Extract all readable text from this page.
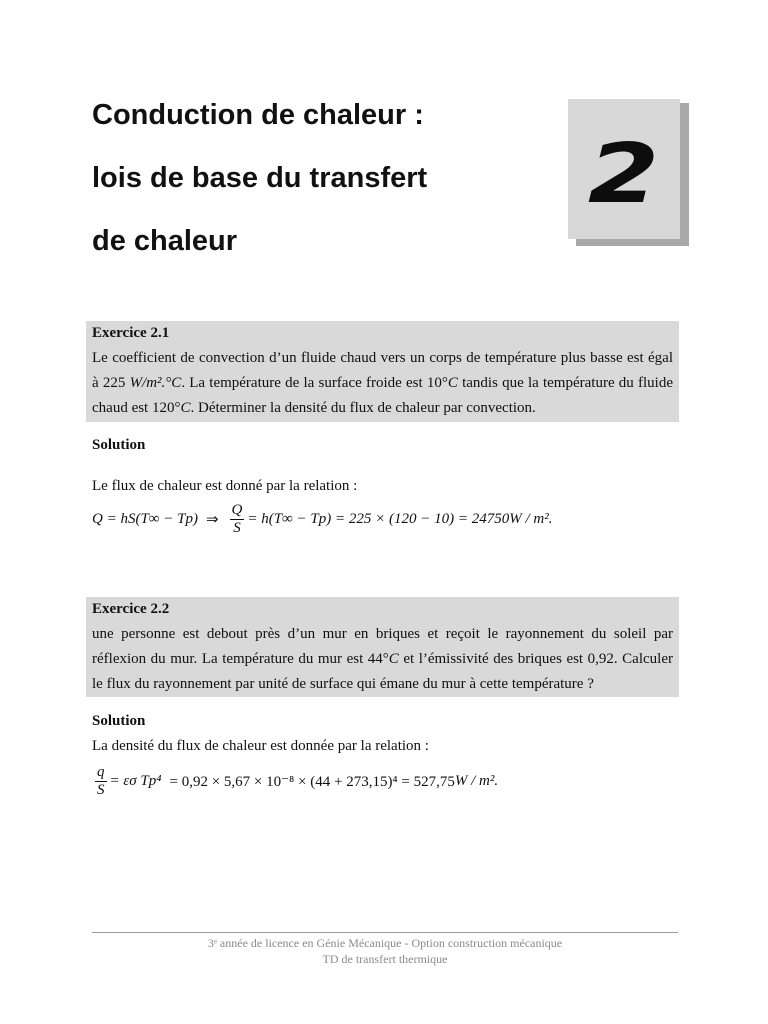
Conduction de chaleur :
lois de base du transfert
de chaleur
2
Exercice 2.1
Le coefficient de convection d’un fluide chaud vers un corps de température plus basse est égal à 225 W/m².°C. La température de la surface froide est 10°C tandis que la température du fluide chaud est 120°C. Déterminer la densité du flux de chaleur par convection.
Solution
Le flux de chaleur est donné par la relation :
Q = hS(T∞ − Tp) ⇒ $\frac{Q}{S} = h(T\infty - Tp) = 225 \times (120 - 10) = 24750$ W / m².
Exercice 2.2
une personne est debout près d’un mur en briques et reçoit le rayonnement du soleil par réflexion du mur. La température du mur est 44°C et l’émissivité des briques est 0,92. Calculer le flux du rayonnement par unité de surface qui émane du mur à cette température ?
Solution
La densité du flux de chaleur est donnée par la relation :
$\frac{q}{S} = \varepsilon\sigma$ Tp⁴ = 0,92 × 5,67 × 10⁻⁸ × (44 + 273,15)⁴ = 527,75 W / m².
3ᵉ année de licence en Génie Mécanique - Option construction mécanique
TD de transfert thermique
